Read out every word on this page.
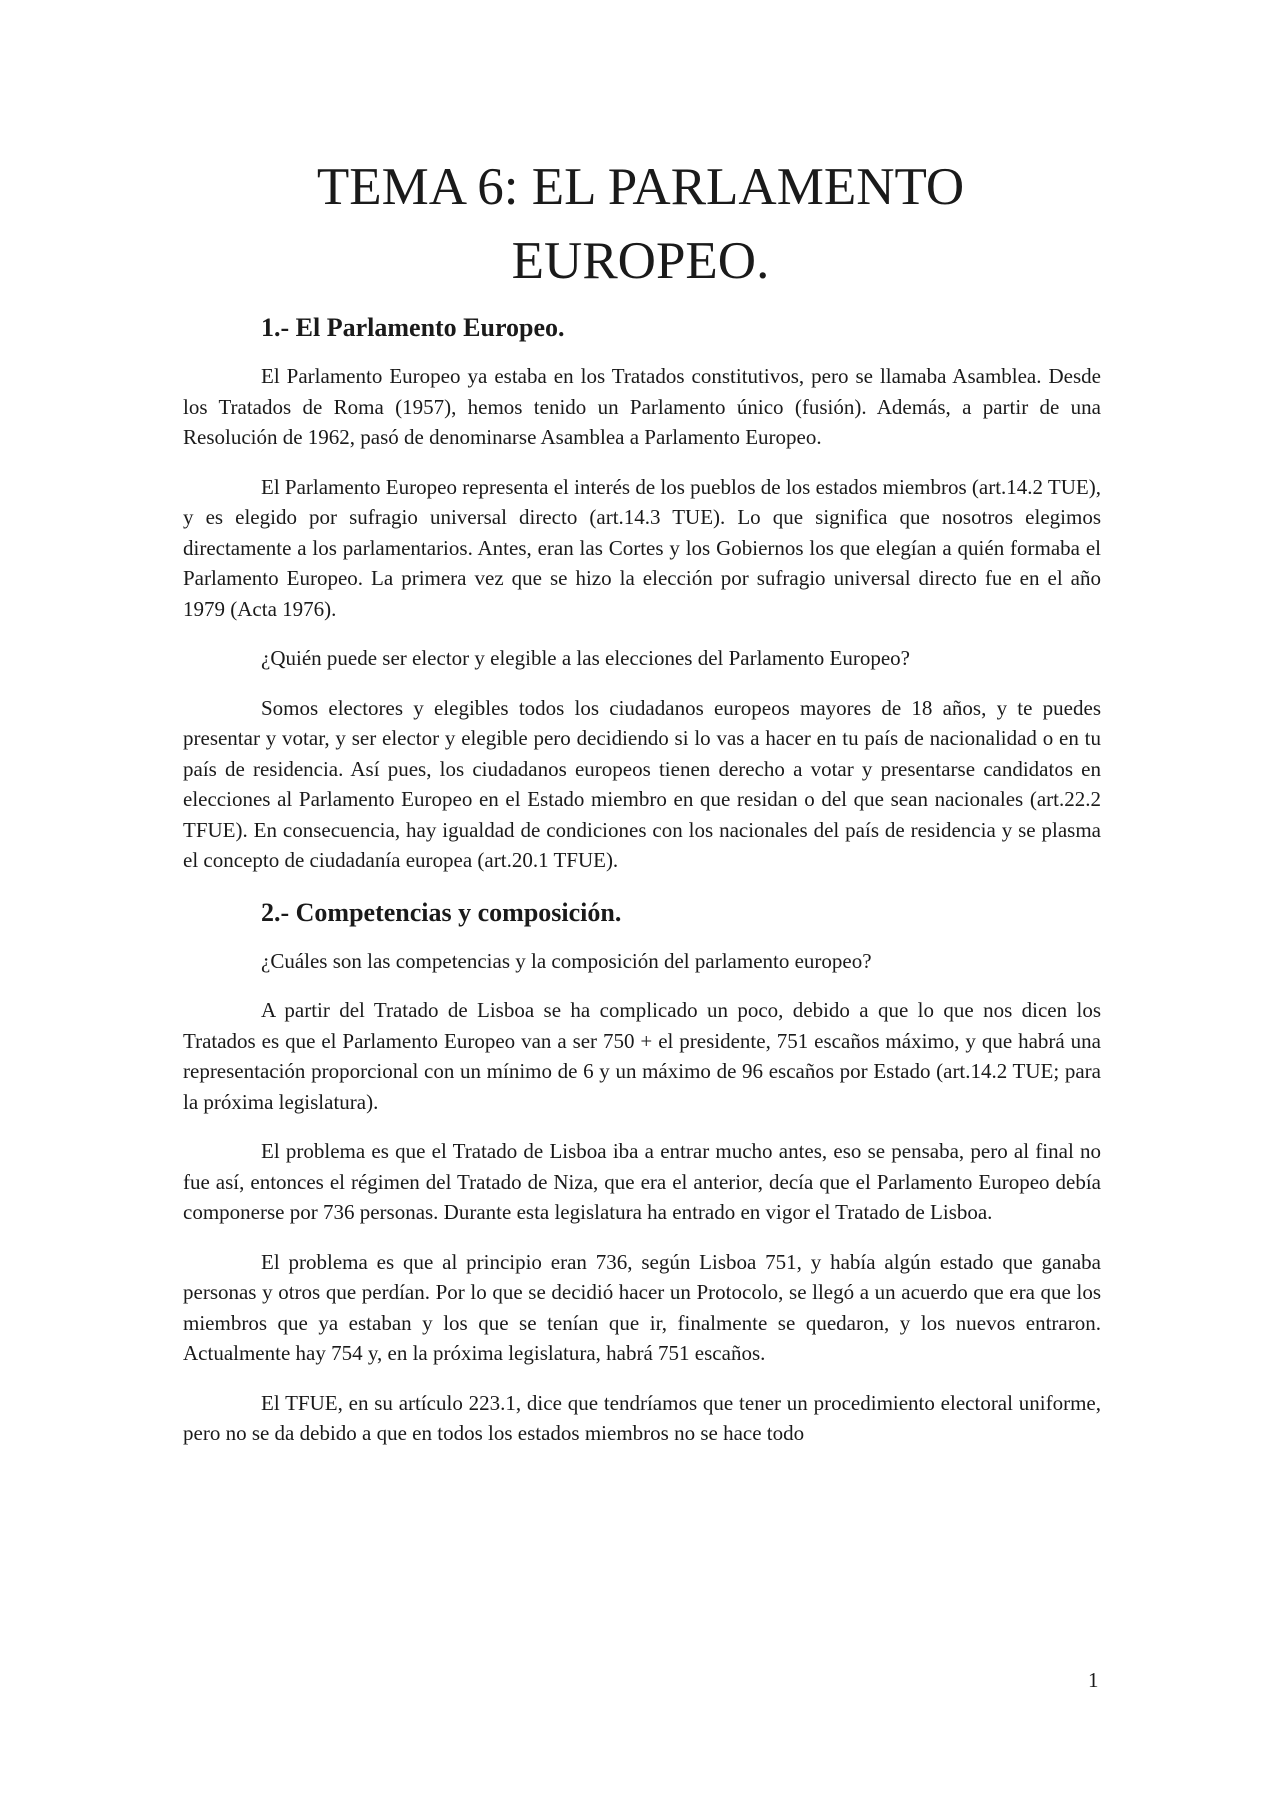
TEMA 6: EL PARLAMENTO EUROPEO.
1.- El Parlamento Europeo.

El Parlamento Europeo ya estaba en los Tratados constitutivos, pero se llamaba Asamblea. Desde los Tratados de Roma (1957), hemos tenido un Parlamento único (fusión). Además, a partir de una Resolución de 1962, pasó de denominarse Asamblea a Parlamento Europeo.

El Parlamento Europeo representa el interés de los pueblos de los estados miembros (art.14.2 TUE), y es elegido por sufragio universal directo (art.14.3 TUE). Lo que significa que nosotros elegimos directamente a los parlamentarios. Antes, eran las Cortes y los Gobiernos los que elegían a quién formaba el Parlamento Europeo. La primera vez que se hizo la elección por sufragio universal directo fue en el año 1979 (Acta 1976).

¿Quién puede ser elector y elegible a las elecciones del Parlamento Europeo?

Somos electores y elegibles todos los ciudadanos europeos mayores de 18 años, y te puedes presentar y votar, y ser elector y elegible pero decidiendo si lo vas a hacer en tu país de nacionalidad o en tu país de residencia. Así pues, los ciudadanos europeos tienen derecho a votar y presentarse candidatos en elecciones al Parlamento Europeo en el Estado miembro en que residan o del que sean nacionales (art.22.2 TFUE). En consecuencia, hay igualdad de condiciones con los nacionales del país de residencia y se plasma el concepto de ciudadanía europea (art.20.1 TFUE).

2.- Competencias y composición.

¿Cuáles son las competencias y la composición del parlamento europeo?

A partir del Tratado de Lisboa se ha complicado un poco, debido a que lo que nos dicen los Tratados es que el Parlamento Europeo van a ser 750 + el presidente, 751 escaños máximo, y que habrá una representación proporcional con un mínimo de 6 y un máximo de 96 escaños por Estado (art.14.2 TUE; para la próxima legislatura).

El problema es que el Tratado de Lisboa iba a entrar mucho antes, eso se pensaba, pero al final no fue así, entonces el régimen del Tratado de Niza, que era el anterior, decía que el Parlamento Europeo debía componerse por 736 personas. Durante esta legislatura ha entrado en vigor el Tratado de Lisboa.

El problema es que al principio eran 736, según Lisboa 751, y había algún estado que ganaba personas y otros que perdían. Por lo que se decidió hacer un Protocolo, se llegó a un acuerdo que era que los miembros que ya estaban y los que se tenían que ir, finalmente se quedaron, y los nuevos entraron. Actualmente hay 754 y, en la próxima legislatura, habrá 751 escaños.

El TFUE, en su artículo 223.1, dice que tendríamos que tener un procedimiento electoral uniforme, pero no se da debido a que en todos los estados miembros no se hace todo

1
